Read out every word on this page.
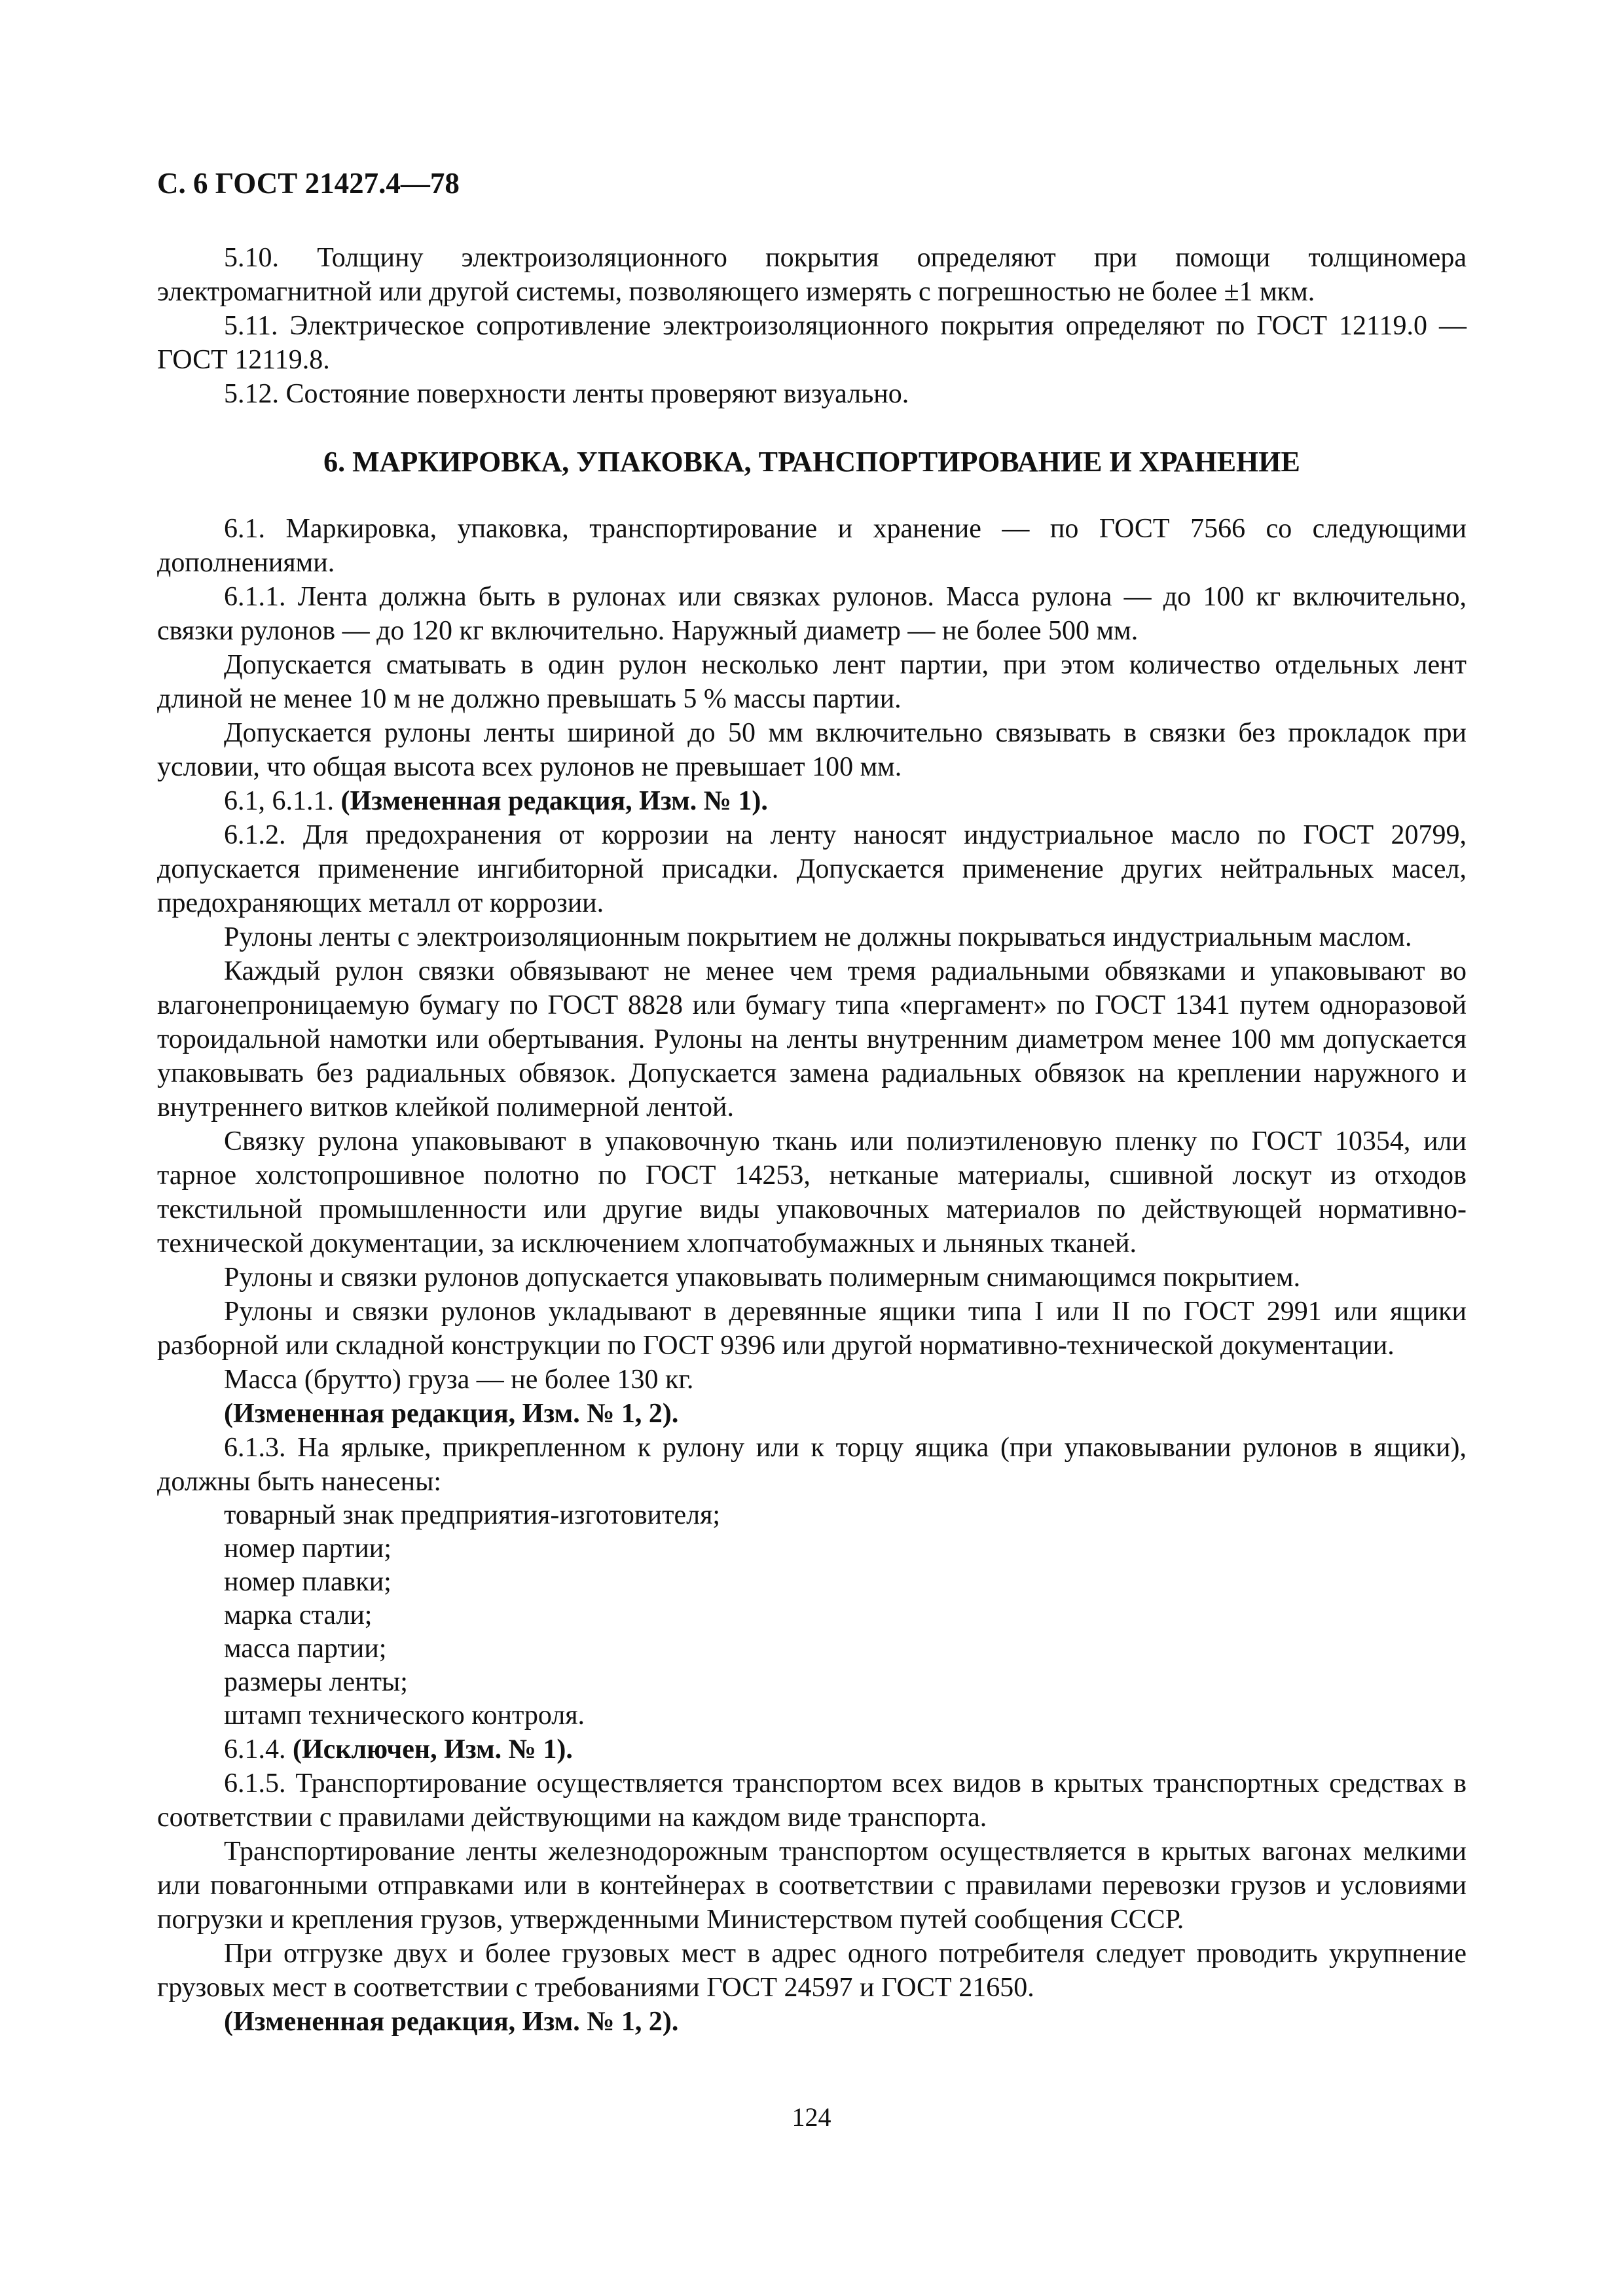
С. 6 ГОСТ 21427.4—78

5.10. Толщину электроизоляционного покрытия определяют при помощи толщиномера электромагнитной или другой системы, позволяющего измерять с погрешностью не более ±1 мкм.

5.11. Электрическое сопротивление электроизоляционного покрытия определяют по ГОСТ 12119.0 — ГОСТ 12119.8.

5.12. Состояние поверхности ленты проверяют визуально.

6. МАРКИРОВКА, УПАКОВКА, ТРАНСПОРТИРОВАНИЕ И ХРАНЕНИЕ

6.1. Маркировка, упаковка, транспортирование и хранение — по ГОСТ 7566 со следующими дополнениями.

6.1.1. Лента должна быть в рулонах или связках рулонов. Масса рулона — до 100 кг включительно, связки рулонов — до 120 кг включительно. Наружный диаметр — не более 500 мм.

Допускается сматывать в один рулон несколько лент партии, при этом количество отдельных лент длиной не менее 10 м не должно превышать 5 % массы партии.

Допускается рулоны ленты шириной до 50 мм включительно связывать в связки без прокладок при условии, что общая высота всех рулонов не превышает 100 мм.

6.1, 6.1.1. (Измененная редакция, Изм. № 1).

6.1.2. Для предохранения от коррозии на ленту наносят индустриальное масло по ГОСТ 20799, допускается применение ингибиторной присадки. Допускается применение других нейтральных масел, предохраняющих металл от коррозии.

Рулоны ленты с электроизоляционным покрытием не должны покрываться индустриальным маслом.

Каждый рулон связки обвязывают не менее чем тремя радиальными обвязками и упаковывают во влагонепроницаемую бумагу по ГОСТ 8828 или бумагу типа «пергамент» по ГОСТ 1341 путем одноразовой тороидальной намотки или обертывания. Рулоны на ленты внутренним диаметром менее 100 мм допускается упаковывать без радиальных обвязок. Допускается замена радиальных обвязок на креплении наружного и внутреннего витков клейкой полимерной лентой.

Связку рулона упаковывают в упаковочную ткань или полиэтиленовую пленку по ГОСТ 10354, или тарное холстопрошивное полотно по ГОСТ 14253, нетканые материалы, сшивной лоскут из отходов текстильной промышленности или другие виды упаковочных материалов по действующей нормативно-технической документации, за исключением хлопчатобумажных и льняных тканей.

Рулоны и связки рулонов допускается упаковывать полимерным снимающимся покрытием.

Рулоны и связки рулонов укладывают в деревянные ящики типа I или II по ГОСТ 2991 или ящики разборной или складной конструкции по ГОСТ 9396 или другой нормативно-технической документации.

Масса (брутто) груза — не более 130 кг.

(Измененная редакция, Изм. № 1, 2).

6.1.3. На ярлыке, прикрепленном к рулону или к торцу ящика (при упаковывании рулонов в ящики), должны быть нанесены:

товарный знак предприятия-изготовителя;

номер партии;

номер плавки;

марка стали;

масса партии;

размеры ленты;

штамп технического контроля.

6.1.4. (Исключен, Изм. № 1).

6.1.5. Транспортирование осуществляется транспортом всех видов в крытых транспортных средствах в соответствии с правилами действующими на каждом виде транспорта.

Транспортирование ленты железнодорожным транспортом осуществляется в крытых вагонах мелкими или повагонными отправками или в контейнерах в соответствии с правилами перевозки грузов и условиями погрузки и крепления грузов, утвержденными Министерством путей сообщения СССР.

При отгрузке двух и более грузовых мест в адрес одного потребителя следует проводить укрупнение грузовых мест в соответствии с требованиями ГОСТ 24597 и ГОСТ 21650.

(Измененная редакция, Изм. № 1, 2).

124
